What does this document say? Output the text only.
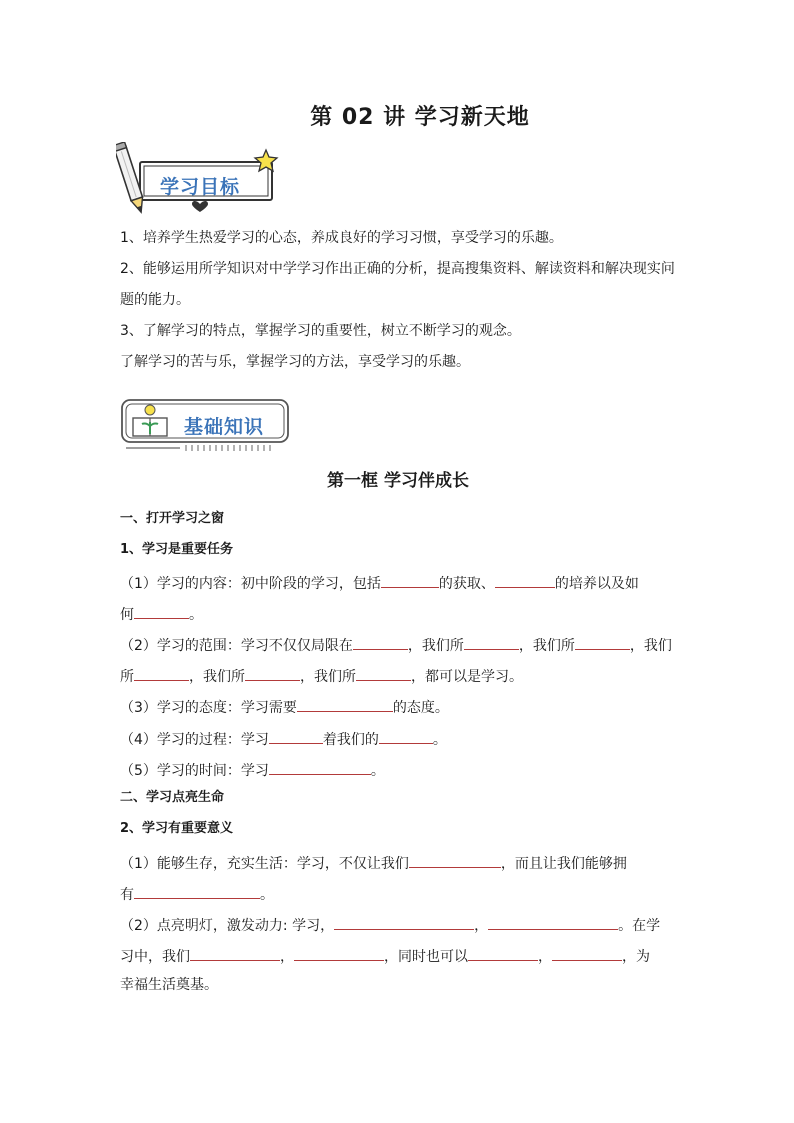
第 02 讲 学习新天地
学习目标
1、培养学生热爱学习的心态，养成良好的学习习惯，享受学习的乐趣。
2、能够运用所学知识对中学学习作出正确的分析，提高搜集资料、解读资料和解决现实问
题的能力。
3、了解学习的特点，掌握学习的重要性，树立不断学习的观念。
了解学习的苦与乐，掌握学习的方法，享受学习的乐趣。
基础知识
第一框 学习伴成长
一、打开学习之窗
1、学习是重要任务
（1）学习的内容：初中阶段的学习，包括	的获取、	的培养以及如
何	。
（2）学习的范围：学习不仅仅局限在	，我们所	，我们所	，我们
所	，我们所	，我们所	，都可以是学习。
（3）学习的态度：学习需要	的态度。
（4）学习的过程：学习	着我们的	。
（5）学习的时间：学习	。
二、学习点亮生命
2、学习有重要意义
（1）能够生存，充实生活：学习，不仅让我们	，而且让我们能够拥
有	。
（2）点亮明灯，激发动力: 学习，	，	。在学
习中，我们	，	，同时也可以	，	，为
幸福生活奠基。
